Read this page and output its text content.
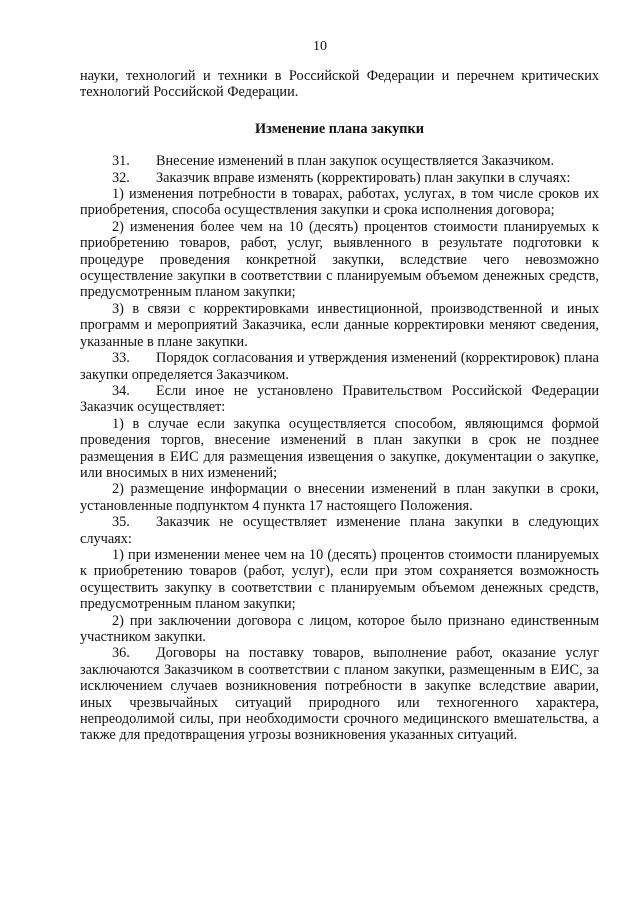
10

науки, технологий и техники в Российской Федерации и перечнем критических технологий Российской Федерации.

Изменение плана закупки

31. Внесение изменений в план закупок осуществляется Заказчиком.

32. Заказчик вправе изменять (корректировать) план закупки в случаях:

1) изменения потребности в товарах, работах, услугах, в том числе сроков их приобретения, способа осуществления закупки и срока исполнения договора;

2) изменения более чем на 10 (десять) процентов стоимости планируемых к приобретению товаров, работ, услуг, выявленного в результате подготовки к процедуре проведения конкретной закупки, вследствие чего невозможно осуществление закупки в соответствии с планируемым объемом денежных средств, предусмотренным планом закупки;

3) в связи с корректировками инвестиционной, производственной и иных программ и мероприятий Заказчика, если данные корректировки меняют сведения, указанные в плане закупки.

33. Порядок согласования и утверждения изменений (корректировок) плана закупки определяется Заказчиком.

34. Если иное не установлено Правительством Российской Федерации Заказчик осуществляет:

1) в случае если закупка осуществляется способом, являющимся формой проведения торгов, внесение изменений в план закупки в срок не позднее размещения в ЕИС для размещения извещения о закупке, документации о закупке, или вносимых в них изменений;

2) размещение информации о внесении изменений в план закупки в сроки, установленные подпунктом 4 пункта 17 настоящего Положения.

35. Заказчик не осуществляет изменение плана закупки в следующих случаях:

1) при изменении менее чем на 10 (десять) процентов стоимости планируемых к приобретению товаров (работ, услуг), если при этом сохраняется возможность осуществить закупку в соответствии с планируемым объемом денежных средств, предусмотренным планом закупки;

2) при заключении договора с лицом, которое было признано единственным участником закупки.

36. Договоры на поставку товаров, выполнение работ, оказание услуг заключаются Заказчиком в соответствии с планом закупки, размещенным в ЕИС, за исключением случаев возникновения потребности в закупке вследствие аварии, иных чрезвычайных ситуаций природного или техногенного характера, непреодолимой силы, при необходимости срочного медицинского вмешательства, а также для предотвращения угрозы возникновения указанных ситуаций.
